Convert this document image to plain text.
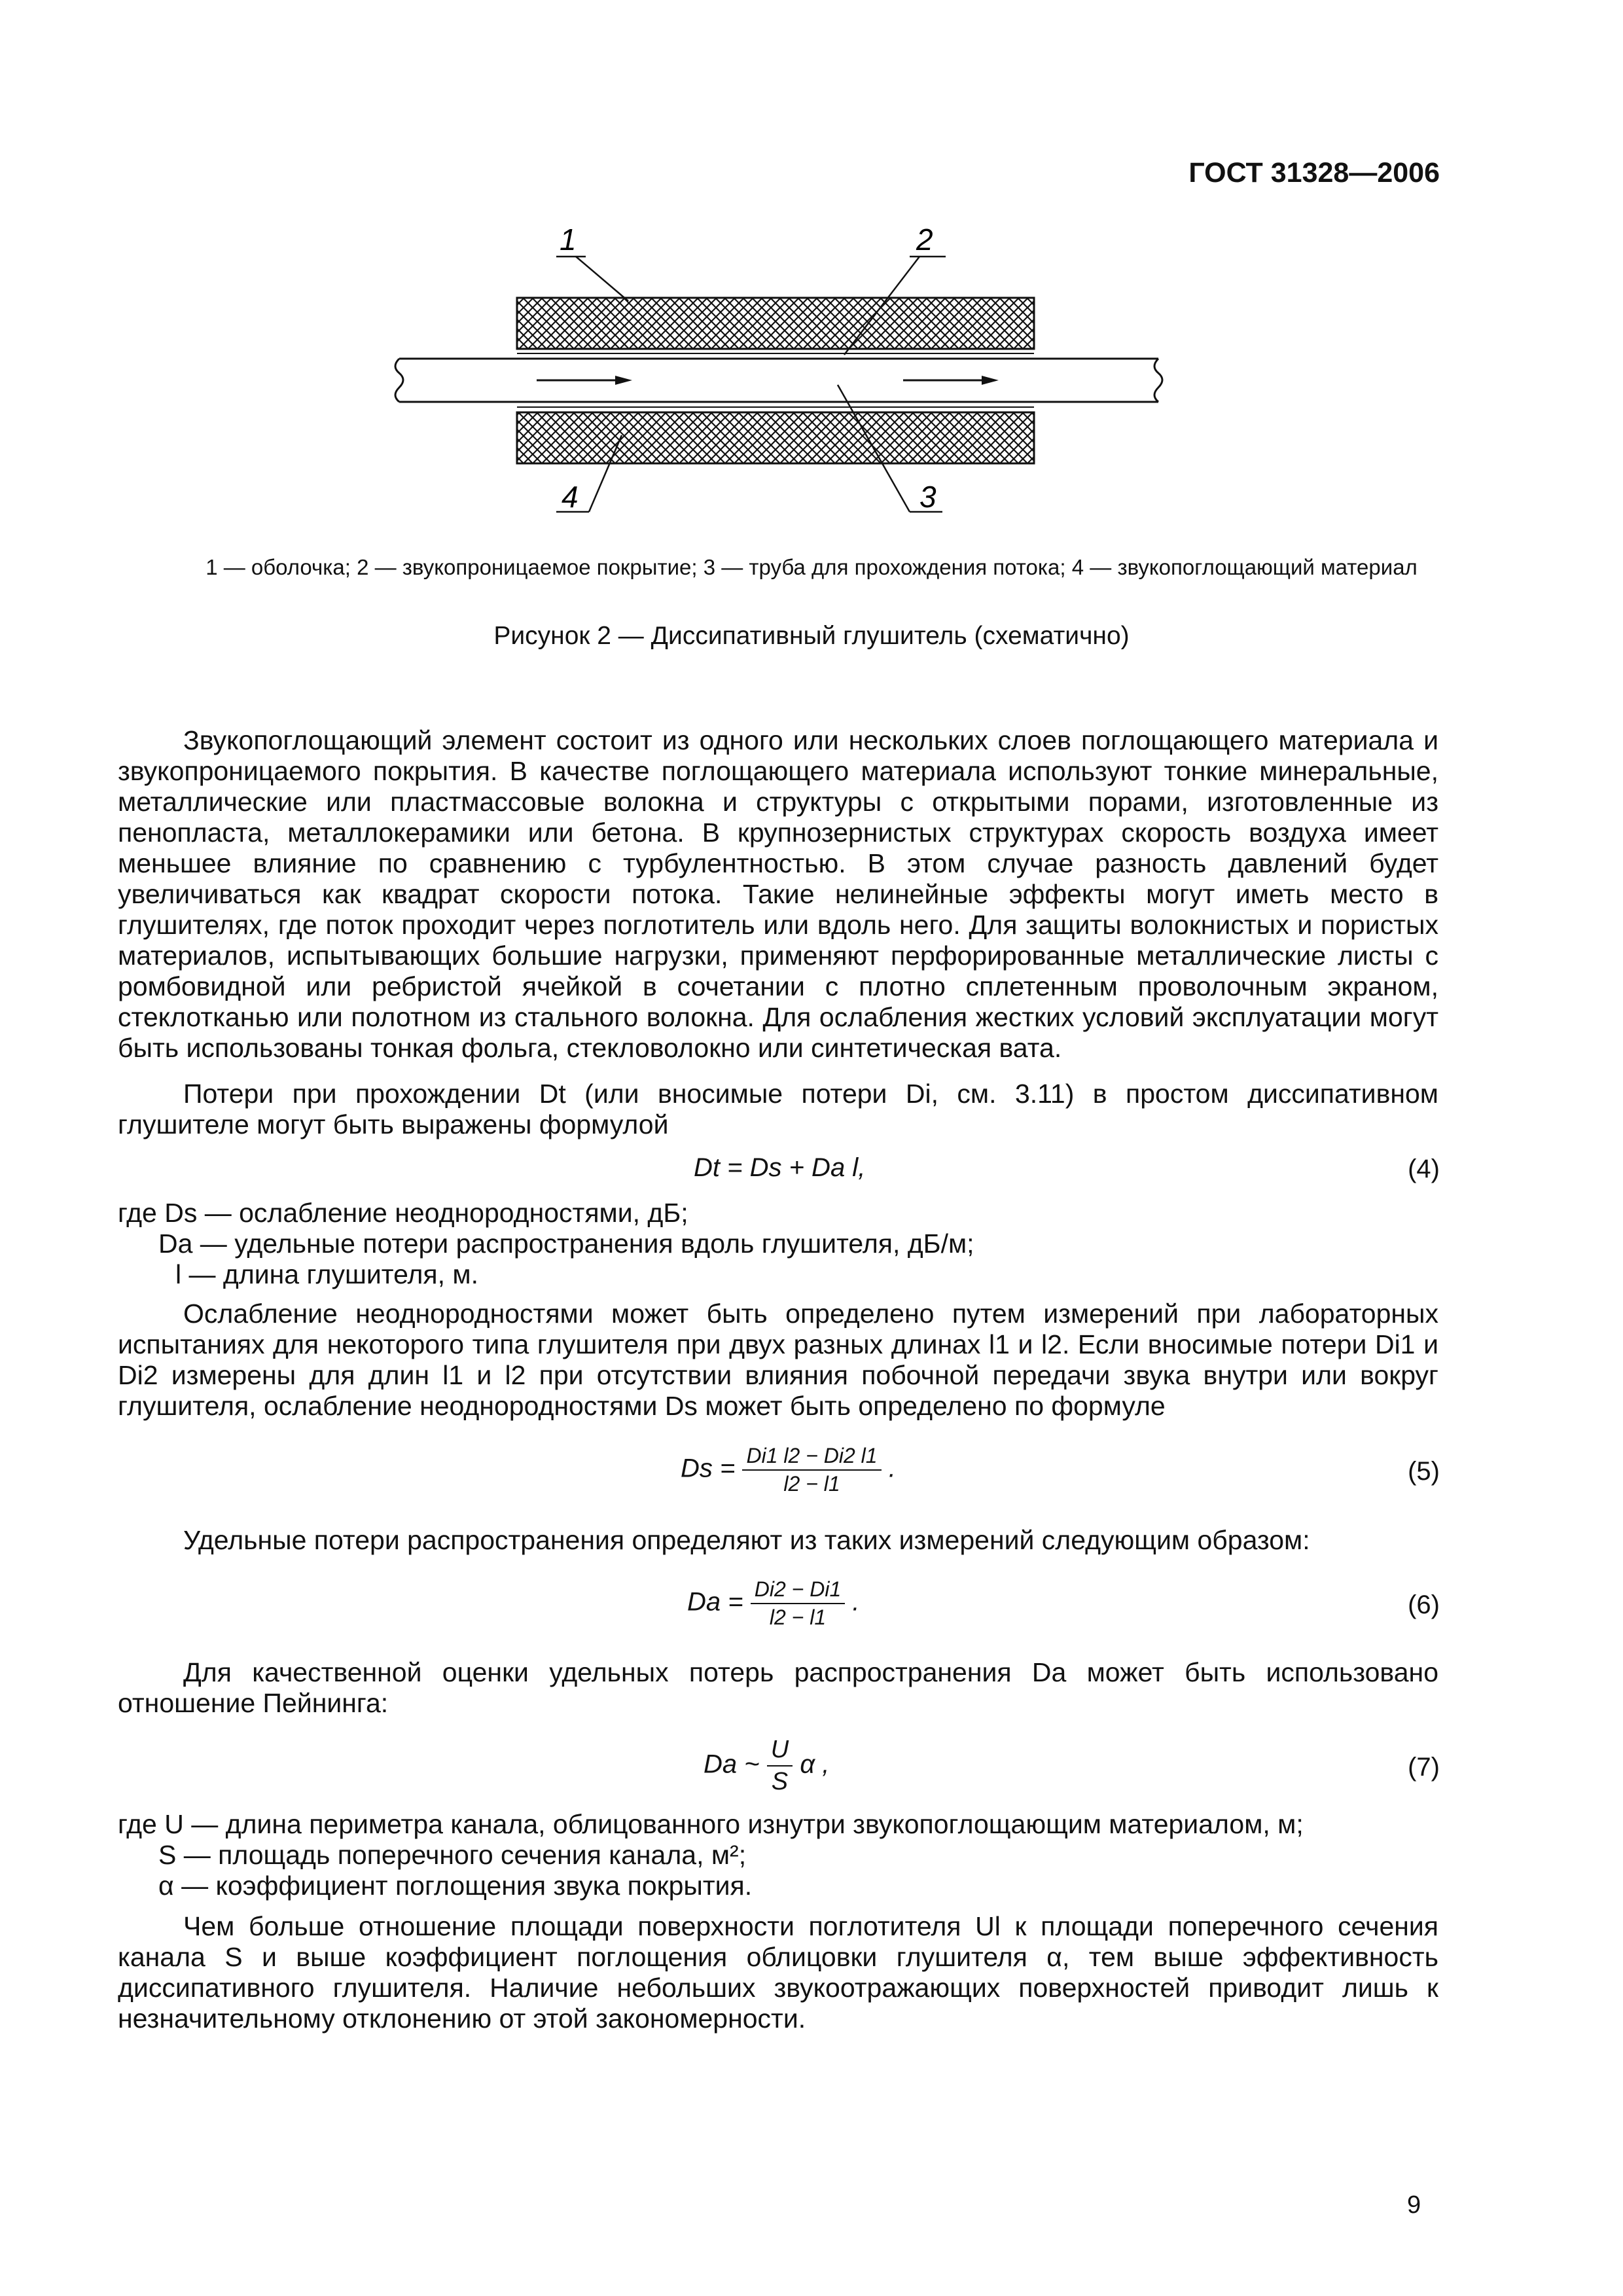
ГОСТ 31328—2006
1	2
3
4
1 — оболочка; 2 — звукопроницаемое покрытие; 3 — труба для прохождения потока; 4 — звукопоглощающий материал
Рисунок 2 — Диссипативный глушитель (схематично)

Звукопоглощающий элемент состоит из одного или нескольких слоев поглощающего материала и звукопроницаемого покрытия. В качестве поглощающего материала используют тонкие минеральные, металлические или пластмассовые волокна и структуры с открытыми порами, изготовленные из пенопласта, металлокерамики или бетона. В крупнозернистых структурах скорость воздуха имеет меньшее влияние по сравнению с турбулентностью. В этом случае разность давлений будет увеличиваться как квадрат скорости потока. Такие нелинейные эффекты могут иметь место в глушителях, где поток проходит через поглотитель или вдоль него. Для защиты волокнистых и пористых материалов, испытывающих большие нагрузки, применяют перфорированные металлические листы с ромбовидной или ребристой ячейкой в сочетании с плотно сплетенным проволочным экраном, стеклотканью или полотном из стального волокна. Для ослабления жестких условий эксплуатации могут быть использованы тонкая фольга, стекловолокно или синтетическая вата.

Потери при прохождении Dt (или вносимые потери Di, см. 3.11) в простом диссипативном глушителе могут быть выражены формулой

Dt = Ds + Da l,	(4)
где Ds — ослабление неоднородностями, дБ;
Da — удельные потери распространения вдоль глушителя, дБ/м;
l — длина глушителя, м.

Ослабление неоднородностями может быть определено путем измерений при лабораторных испытаниях для некоторого типа глушителя при двух разных длинах l1 и l2. Если вносимые потери Di1 и Di2 измерены для длин l1 и l2 при отсутствии влияния побочной передачи звука внутри или вокруг глушителя, ослабление неоднородностями Ds может быть определено по формуле

$Ds = \frac{Di1 l2 - Di2 l1}{l2 - l1}$ .	(5)

Удельные потери распространения определяют из таких измерений следующим образом:

$Da = \frac{Di2 - Di1}{l2 - l1}$ .	(6)

Для качественной оценки удельных потерь распространения Da может быть использовано отношение Пейнинга:

Da ~ $\frac{U}{S}$ α ,	(7)
где U — длина периметра канала, облицованного изнутри звукопоглощающим материалом, м;
S — площадь поперечного сечения канала, м²;
α — коэффициент поглощения звука покрытия.

Чем больше отношение площади поверхности поглотителя Ul к площади поперечного сечения канала S и выше коэффициент поглощения облицовки глушителя α, тем выше эффективность диссипативного глушителя. Наличие небольших звукоотражающих поверхностей приводит лишь к незначительному отклонению от этой закономерности.

9
